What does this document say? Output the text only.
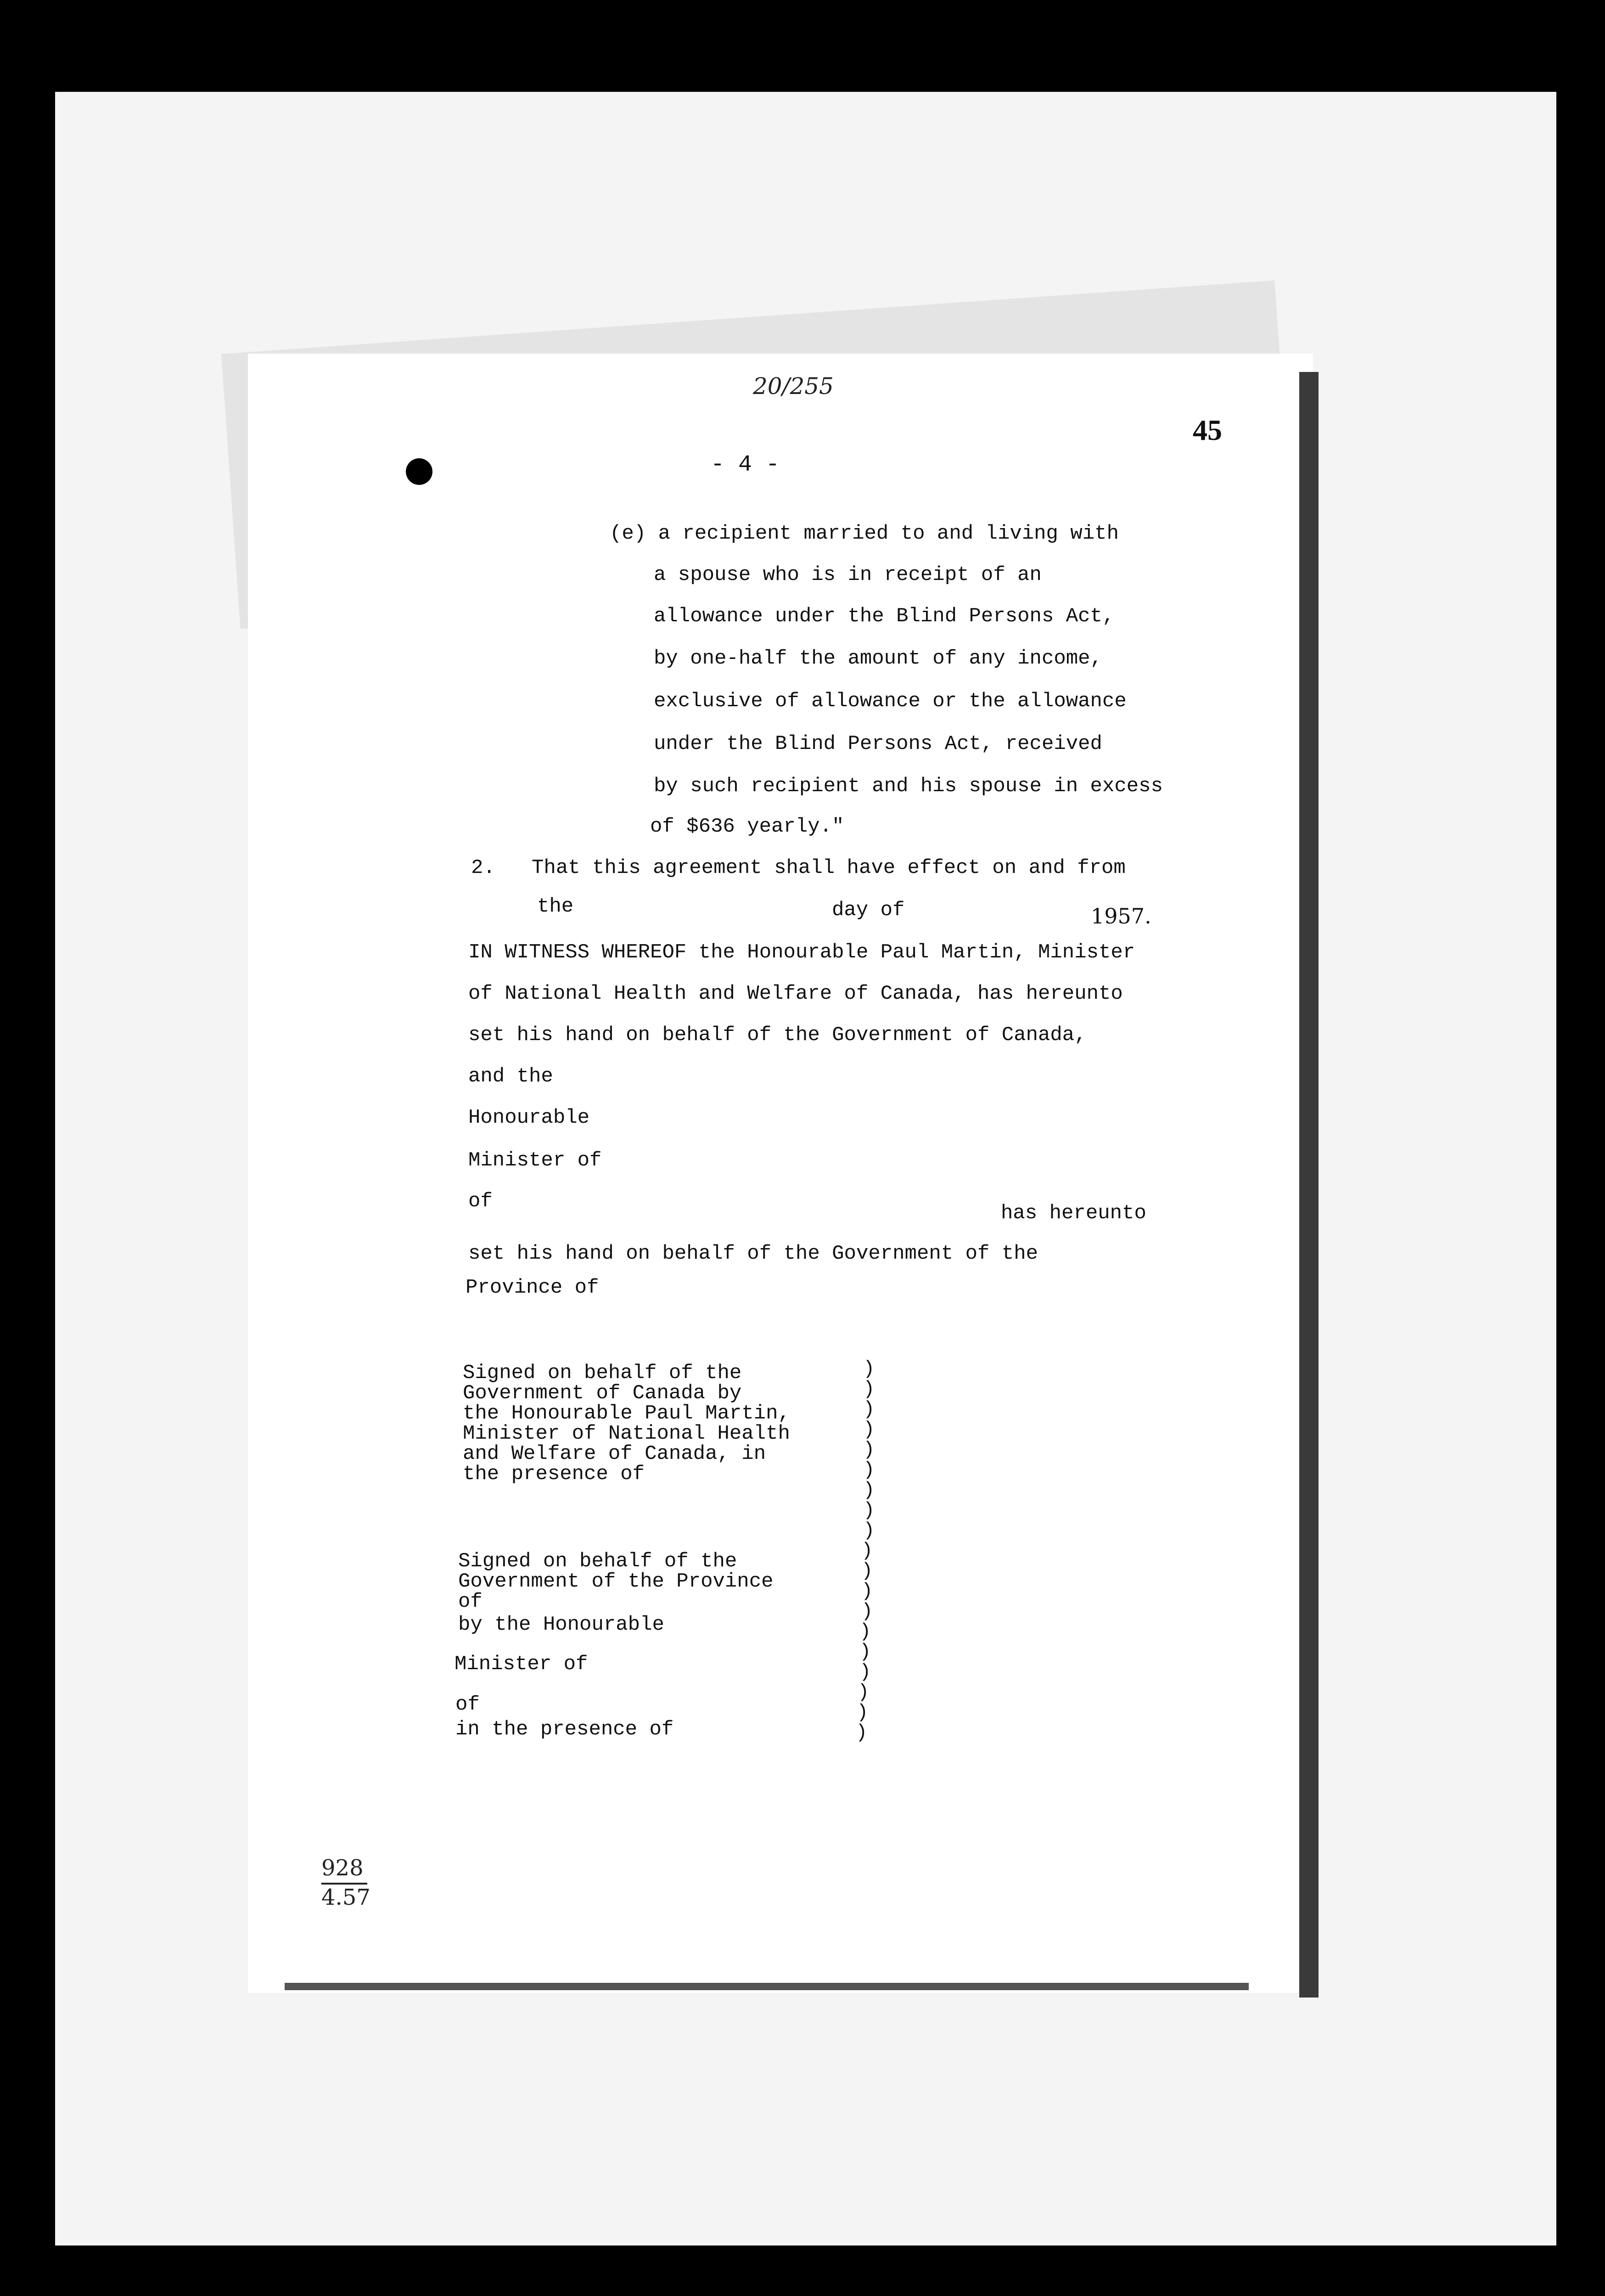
20/255
45
- 4 -
(e) a recipient married to and living with
a spouse who is in receipt of an
allowance under the Blind Persons Act,
by one-half the amount of any income,
exclusive of allowance or the allowance
under the Blind Persons Act, received
by such recipient and his spouse in excess
of $636 yearly."
2.   That this agreement shall have effect on and from
the	day of	1957.
IN WITNESS WHEREOF the Honourable Paul Martin, Minister
of National Health and Welfare of Canada, has hereunto
set his hand on behalf of the Government of Canada,
and the
Honourable
Minister of
of
has hereunto
set his hand on behalf of the Government of the
Province of
Signed on behalf of the
Government of Canada by
the Honourable Paul Martin,
Minister of National Health
and Welfare of Canada, in
the presence of
Signed on behalf of the
Government of the Province
of
by the Honourable
Minister of
of
in the presence of
)
)
)
)
)
)
)
)
)
)
)
)
)
)
)
)
)
)
)
928
4.57
